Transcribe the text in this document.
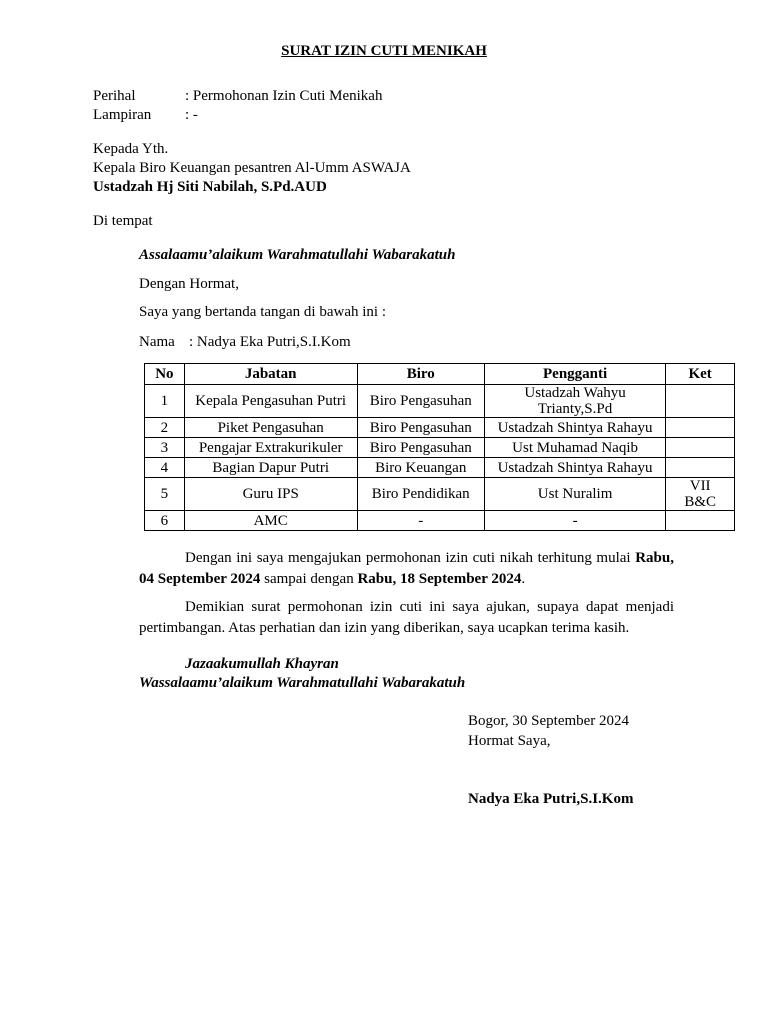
SURAT IZIN CUTI MENIKAH
Perihal	: Permohonan Izin Cuti Menikah
Lampiran : -
Kepada Yth.
Kepala Biro Keuangan pesantren Al-Umm ASWAJA
Ustadzah Hj Siti Nabilah, S.Pd.AUD
Di tempat
Assalaamu’alaikum Warahmatullahi Wabarakatuh
Dengan Hormat,
Saya yang bertanda tangan di bawah ini :
Nama : Nadya Eka Putri,S.I.Kom
No	Jabatan	Biro	Pengganti	Ket
1	Kepala Pengasuhan Putri	Biro Pengasuhan	Ustadzah Wahyu Trianty,S.Pd	
2	Piket Pengasuhan	Biro Pengasuhan	Ustadzah Shintya Rahayu	
3	Pengajar Extrakurikuler	Biro Pengasuhan	Ust Muhamad Naqib	
4	Bagian Dapur Putri	Biro Keuangan	Ustadzah Shintya Rahayu	
5	Guru IPS	Biro Pendidikan	Ust Nuralim	VII B&C
6	AMC	-	-	
Dengan ini saya mengajukan permohonan izin cuti nikah terhitung mulai Rabu, 04 September 2024 sampai dengan Rabu, 18 September 2024.
Demikian surat permohonan izin cuti ini saya ajukan, supaya dapat menjadi pertimbangan. Atas perhatian dan izin yang diberikan, saya ucapkan terima kasih.
Jazaakumullah Khayran
Wassalaamu’alaikum Warahmatullahi Wabarakatuh
Bogor, 30 September 2024
Hormat Saya,
Nadya Eka Putri,S.I.Kom
